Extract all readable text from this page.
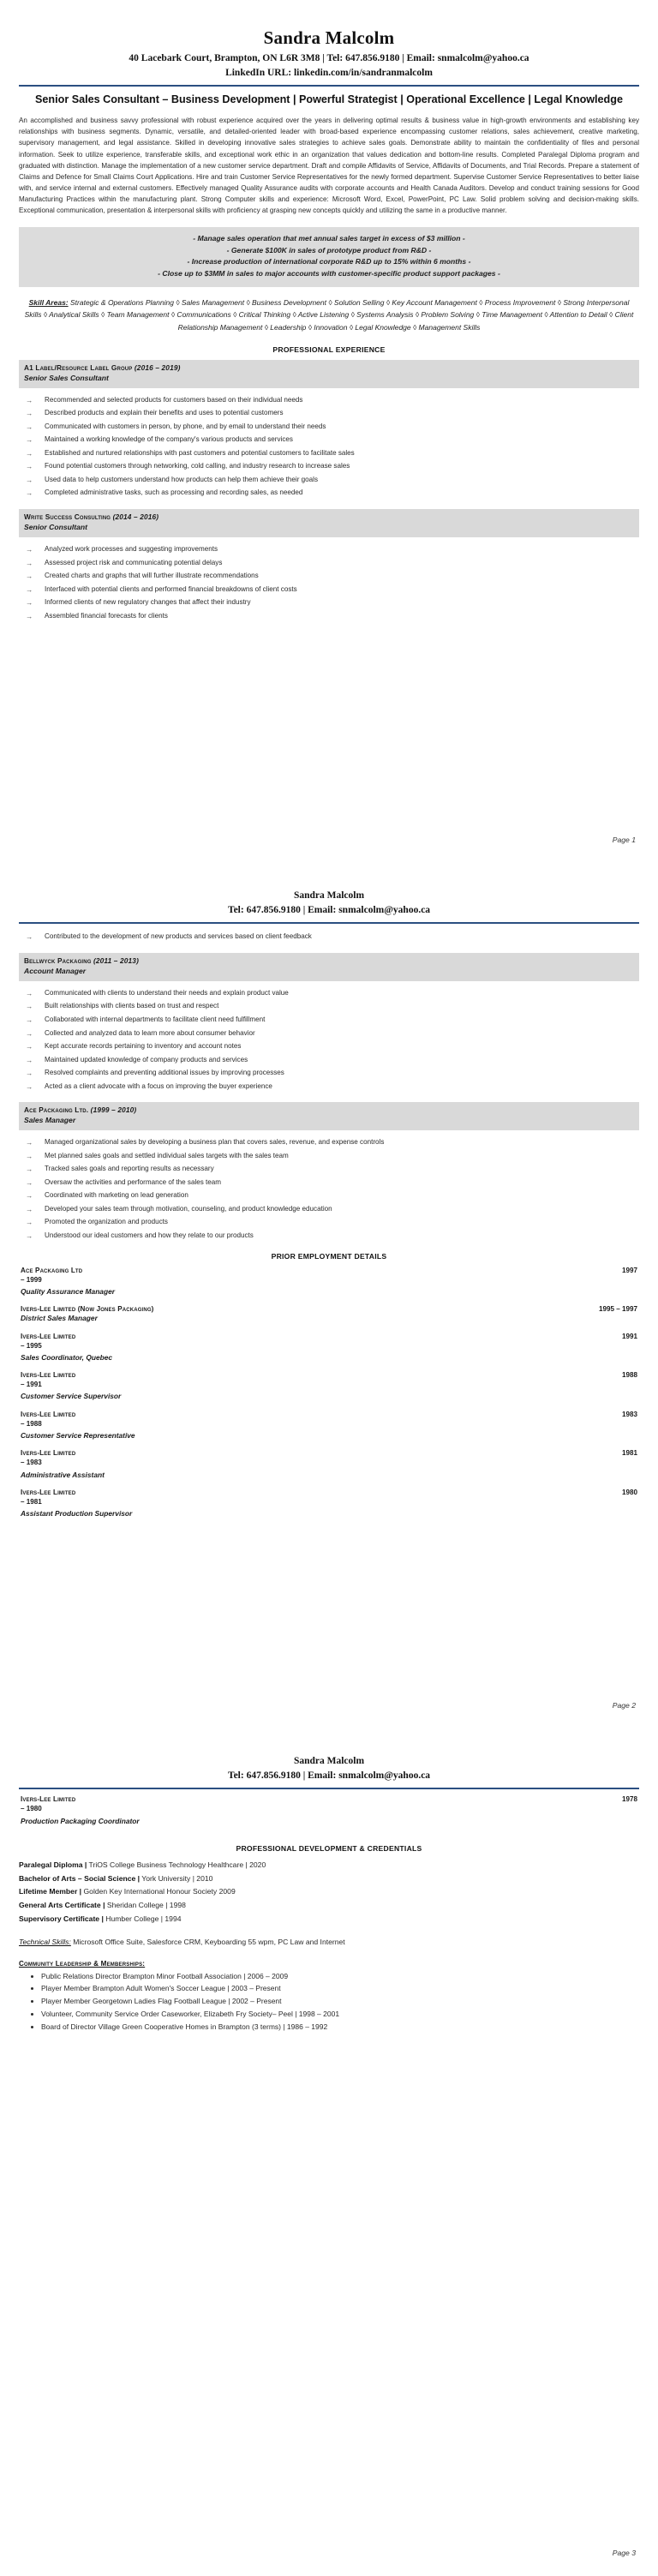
Sandra Malcolm
40 Lacebark Court, Brampton, ON L6R 3M8 | Tel: 647.856.9180 | Email: snmalcolm@yahoo.ca
LinkedIn URL: linkedin.com/in/sandranmalcolm
Senior Sales Consultant – Business Development | Powerful Strategist | Operational Excellence | Legal Knowledge

An accomplished and business savvy professional with robust experience acquired over the years in delivering optimal results & business value in high-growth environments and establishing key relationships with business segments. Dynamic, versatile, and detailed-oriented leader with broad-based experience encompassing customer relations, sales achievement, creative marketing, supervisory management, and legal assistance. Skilled in developing innovative sales strategies to achieve sales goals. Demonstrate ability to maintain the confidentiality of files and personal information. Seek to utilize experience, transferable skills, and exceptional work ethic in an organization that values dedication and bottom-line results. Completed Paralegal Diploma program and graduated with distinction. Manage the implementation of a new customer service department. Draft and compile Affidavits of Service, Affidavits of Documents, and Trial Records. Prepare a statement of Claims and Defence for Small Claims Court Applications. Hire and train Customer Service Representatives for the newly formed department. Supervise Customer Service Representatives to better liaise with, and service internal and external customers. Effectively managed Quality Assurance audits with corporate accounts and Health Canada Auditors. Develop and conduct training sessions for Good Manufacturing Practices within the manufacturing plant. Strong Computer skills and experience: Microsoft Word, Excel, PowerPoint, PC Law. Solid problem solving and decision-making skills. Exceptional communication, presentation & interpersonal skills with proficiency at grasping new concepts quickly and utilizing the same in a productive manner.

- Manage sales operation that met annual sales target in excess of $3 million -
- Generate $100K in sales of prototype product from R&D -
- Increase production of international corporate R&D up to 15% within 6 months -
- Close up to $3MM in sales to major accounts with customer-specific product support packages -
Skill Areas: Strategic & Operations Planning ◊ Sales Management ◊ Business Development ◊ Solution Selling ◊ Key Account Management ◊ Process Improvement ◊ Strong Interpersonal Skills ◊ Analytical Skills ◊ Team Management ◊ Communications ◊ Critical Thinking ◊ Active Listening ◊ Systems Analysis ◊ Problem Solving ◊ Time Management ◊ Attention to Detail ◊ Client Relationship Management ◊ Leadership ◊ Innovation ◊ Legal Knowledge ◊ Management Skills
PROFESSIONAL EXPERIENCE
A1 Label/Resource Label Group (2016 – 2019)
Senior Sales Consultant
→ Recommended and selected products for customers based on their individual needs
→ Described products and explain their benefits and uses to potential customers
→ Communicated with customers in person, by phone, and by email to understand their needs
→ Maintained a working knowledge of the company's various products and services
→ Established and nurtured relationships with past customers and potential customers to facilitate sales
→ Found potential customers through networking, cold calling, and industry research to increase sales
→ Used data to help customers understand how products can help them achieve their goals
→ Completed administrative tasks, such as processing and recording sales, as needed
Write Success Consulting (2014 – 2016)
Senior Consultant
→ Analyzed work processes and suggesting improvements
→ Assessed project risk and communicating potential delays
→ Created charts and graphs that will further illustrate recommendations
→ Interfaced with potential clients and performed financial breakdowns of client costs
→ Informed clients of new regulatory changes that affect their industry
→ Assembled financial forecasts for clients
Page 1
Sandra Malcolm
Tel: 647.856.9180 | Email: snmalcolm@yahoo.ca
→ Contributed to the development of new products and services based on client feedback
Bellwyck Packaging (2011 – 2013)
Account Manager
→ Communicated with clients to understand their needs and explain product value
→ Built relationships with clients based on trust and respect
→ Collaborated with internal departments to facilitate client need fulfillment
→ Collected and analyzed data to learn more about consumer behavior
→ Kept accurate records pertaining to inventory and account notes
→ Maintained updated knowledge of company products and services
→ Resolved complaints and preventing additional issues by improving processes
→ Acted as a client advocate with a focus on improving the buyer experience
Ace Packaging Ltd. (1999 – 2010)
Sales Manager
→ Managed organizational sales by developing a business plan that covers sales, revenue, and expense controls
→ Met planned sales goals and settled individual sales targets with the sales team
→ Tracked sales goals and reporting results as necessary
→ Oversaw the activities and performance of the sales team
→ Coordinated with marketing on lead generation
→ Developed your sales team through motivation, counseling, and product knowledge education
→ Promoted the organization and products
→ Understood our ideal customers and how they relate to our products
PRIOR EMPLOYMENT DETAILS
Ace Packaging Ltd	1997
– 1999
Quality Assurance Manager
Ivers-Lee Limited (Now Jones Packaging)	1995 – 1997
District Sales Manager
Ivers-Lee Limited	1991
– 1995
Sales Coordinator, Quebec
Ivers-Lee Limited	1988
– 1991
Customer Service Supervisor
Ivers-Lee Limited	1983
– 1988
Customer Service Representative
Ivers-Lee Limited	1981
– 1983
Administrative Assistant
Ivers-Lee Limited	1980
– 1981
Assistant Production Supervisor
Page 2
Sandra Malcolm
Tel: 647.856.9180 | Email: snmalcolm@yahoo.ca
Ivers-Lee Limited	1978
– 1980
Production Packaging Coordinator
PROFESSIONAL DEVELOPMENT & CREDENTIALS
Paralegal Diploma | TriOS College Business Technology Healthcare | 2020
Bachelor of Arts – Social Science | York University | 2010
Lifetime Member | Golden Key International Honour Society 2009
General Arts Certificate | Sheridan College | 1998
Supervisory Certificate | Humber College | 1994
Technical Skills: Microsoft Office Suite, Salesforce CRM, Keyboarding 55 wpm, PC Law and Internet
Community Leadership & Memberships:
• Public Relations Director Brampton Minor Football Association | 2006 – 2009
• Player Member Brampton Adult Women's Soccer League | 2003 – Present
• Player Member Georgetown Ladies Flag Football League | 2002 – Present
• Volunteer, Community Service Order Caseworker, Elizabeth Fry Society– Peel | 1998 – 2001
• Board of Director Village Green Cooperative Homes in Brampton (3 terms) | 1986 – 1992
Page 3
